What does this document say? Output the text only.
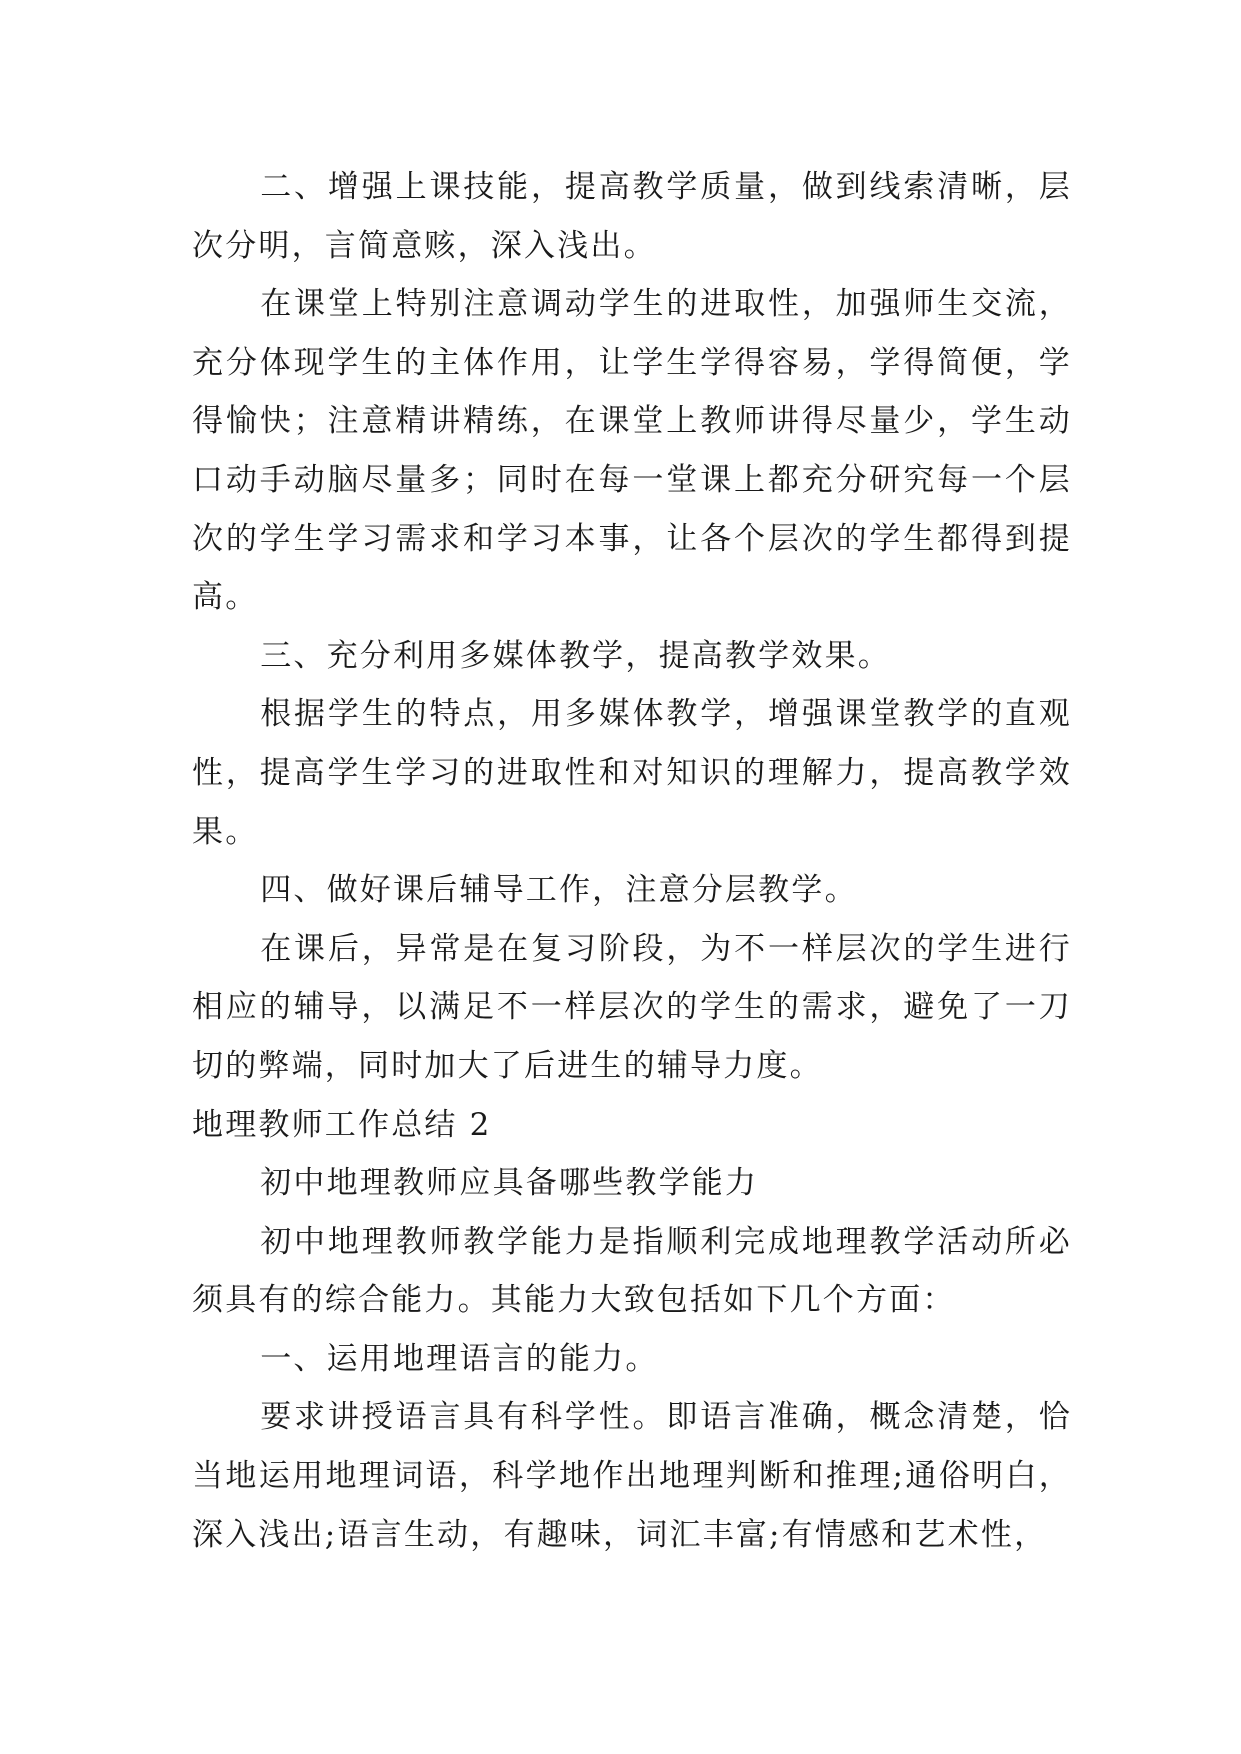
二、增强上课技能，提高教学质量，做到线索清晰，层次分明，言简意赅，深入浅出。

在课堂上特别注意调动学生的进取性，加强师生交流，充分体现学生的主体作用，让学生学得容易，学得简便，学得愉快；注意精讲精练，在课堂上教师讲得尽量少，学生动口动手动脑尽量多；同时在每一堂课上都充分研究每一个层次的学生学习需求和学习本事，让各个层次的学生都得到提高。

三、充分利用多媒体教学，提高教学效果。

根据学生的特点，用多媒体教学，增强课堂教学的直观性，提高学生学习的进取性和对知识的理解力，提高教学效果。

四、做好课后辅导工作，注意分层教学。

在课后，异常是在复习阶段，为不一样层次的学生进行相应的辅导，以满足不一样层次的学生的需求，避免了一刀切的弊端，同时加大了后进生的辅导力度。

地理教师工作总结 2

初中地理教师应具备哪些教学能力

初中地理教师教学能力是指顺利完成地理教学活动所必须具有的综合能力。其能力大致包括如下几个方面：

一、运用地理语言的能力。

要求讲授语言具有科学性。即语言准确，概念清楚，恰当地运用地理词语，科学地作出地理判断和推理;通俗明白，深入浅出;语言生动，有趣味，词汇丰富;有情感和艺术性，
